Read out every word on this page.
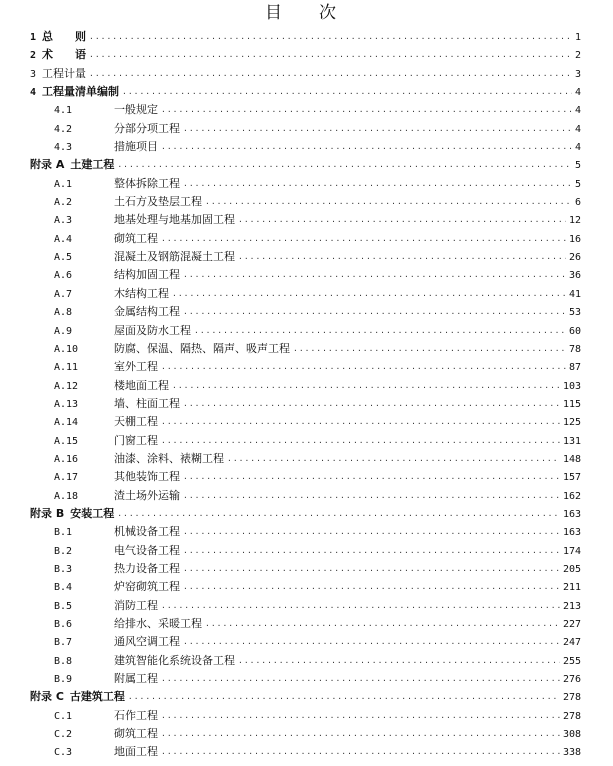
目　次
1 总　　则 .....	1
2 术　　语 .....	2
3 工程计量 .....	3
4 工程量清单编制 .....	4
4.1	一般规定 .....	4
4.2	分部分项工程 .....	4
4.3	措施项目 .....	4
附录 A 土建工程 .....	5
A.1	整体拆除工程 .....	5
A.2	土石方及垫层工程 .....	6
A.3	地基处理与地基加固工程 .....	12
A.4	砌筑工程 .....	16
A.5	混凝土及钢筋混凝土工程 .....	26
A.6	结构加固工程 .....	36
A.7	木结构工程 .....	41
A.8	金属结构工程 .....	53
A.9	屋面及防水工程 .....	60
A.10	防腐、保温、隔热、隔声、吸声工程 .....	78
A.11	室外工程 .....	87
A.12	楼地面工程 .....	103
A.13	墙、柱面工程 .....	115
A.14	天棚工程 .....	125
A.15	门窗工程 .....	131
A.16	油漆、涂料、裱糊工程 .....	148
A.17	其他装饰工程 .....	157
A.18	渣土场外运输 .....	162
附录 B 安装工程 .....	163
B.1	机械设备工程 .....	163
B.2	电气设备工程 .....	174
B.3	热力设备工程 .....	205
B.4	炉窑砌筑工程 .....	211
B.5	消防工程 .....	213
B.6	给排水、采暖工程 .....	227
B.7	通风空调工程 .....	247
B.8	建筑智能化系统设备工程 .....	255
B.9	附属工程 .....	276
附录 C 古建筑工程 .....	278
C.1	石作工程 .....	278
C.2	砌筑工程 .....	308
C.3	地面工程 .....	338
